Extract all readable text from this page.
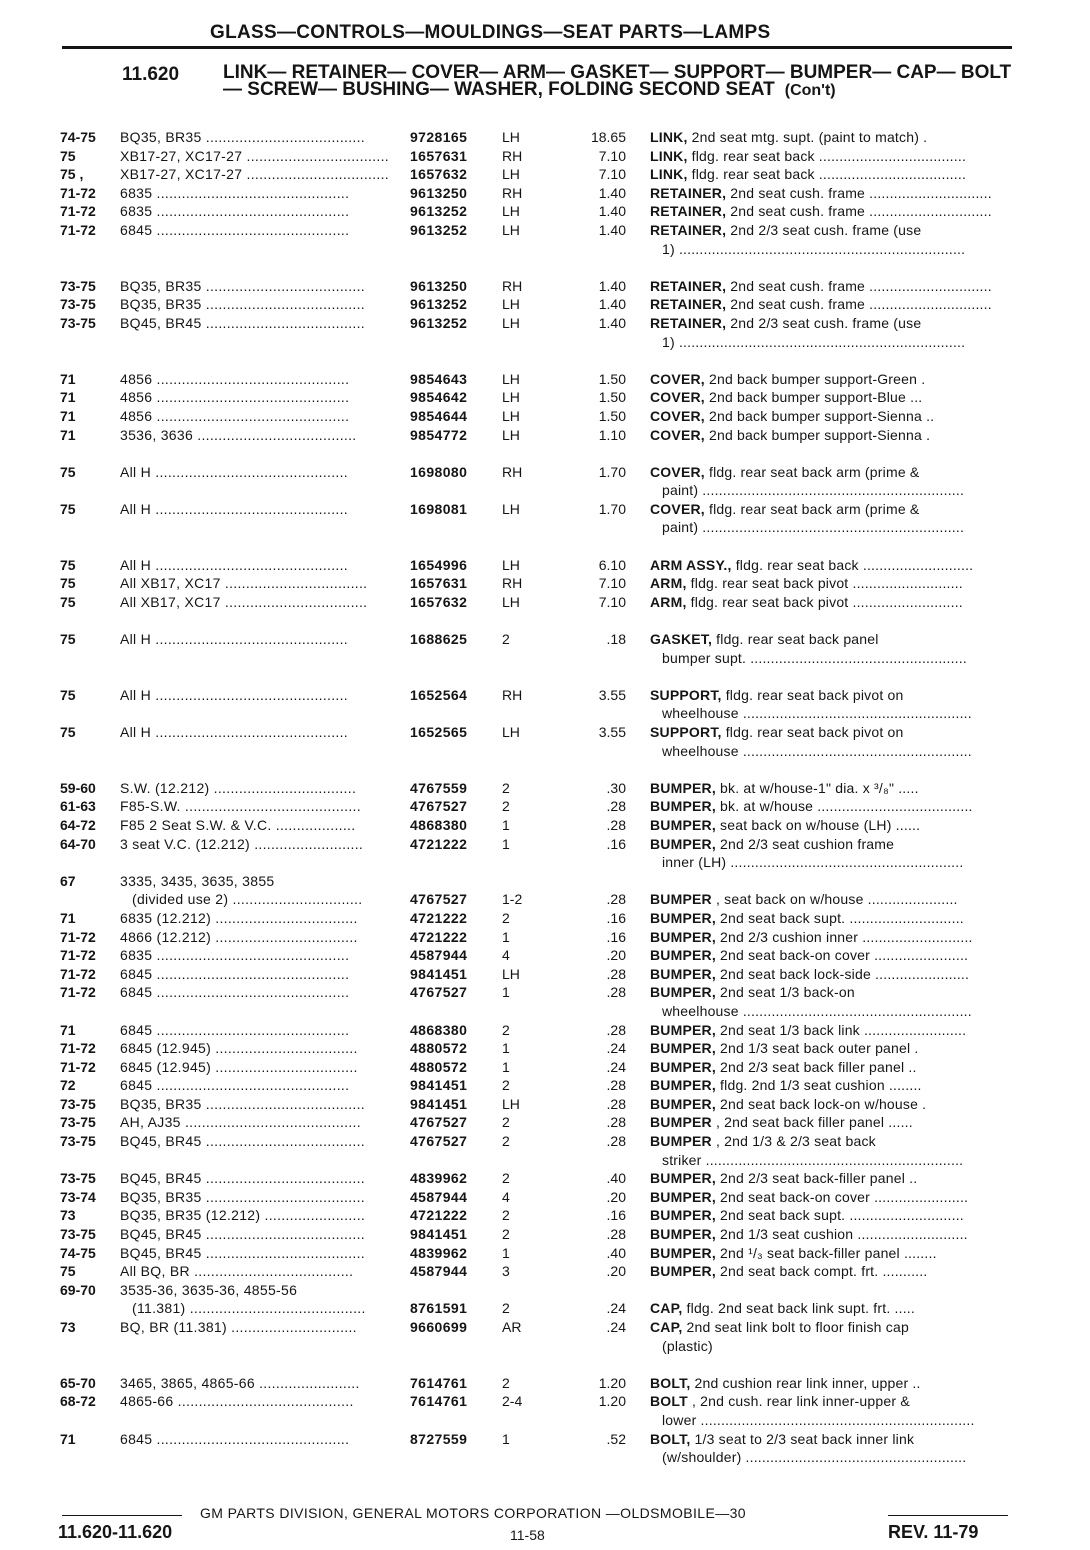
GLASS—CONTROLS—MOULDINGS—SEAT PARTS—LAMPS
11.620 LINK— RETAINER— COVER— ARM— GASKET— SUPPORT— BUMPER— CAP— BOLT— SCREW— BUSHING— WASHER, FOLDING SECOND SEAT (Con't)
74-75 BQ35, BR35 ......................................	9728165 LH	18.65 LINK, 2nd seat mtg. supt. (paint to match) .
75	XB17-27, XC17-27 .................................. 1657631 RH	7.10 LINK, fldg. rear seat back ....................................
75 ,	XB17-27, XC17-27 .................................. 1657632 LH	7.10 LINK, fldg. rear seat back ....................................
71-72 6835 ..............................................	9613250 RH	1.40 RETAINER, 2nd seat cush. frame ..............................
71-72 6835 ..............................................	9613252 LH	1.40 RETAINER, 2nd seat cush. frame ..............................
71-72 6845 ..............................................	9613252 LH	1.40 RETAINER, 2nd 2/3 seat cush. frame (use
1) ......................................................................
73-75 BQ35, BR35 ......................................	9613250 RH	1.40 RETAINER, 2nd seat cush. frame ..............................
73-75 BQ35, BR35 ......................................	9613252 LH	1.40 RETAINER, 2nd seat cush. frame ..............................
73-75 BQ45, BR45 ......................................	9613252 LH	1.40 RETAINER, 2nd 2/3 seat cush. frame (use
1) ......................................................................
71	4856 ..............................................	9854643 LH	1.50 COVER, 2nd back bumper support-Green .
71	4856 ..............................................	9854642 LH	1.50 COVER, 2nd back bumper support-Blue ...
71	4856 ..............................................	9854644 LH	1.50 COVER, 2nd back bumper support-Sienna ..
71	3536, 3636 ......................................	9854772 LH	1.10 COVER, 2nd back bumper support-Sienna .
75	All H ..............................................	1698080 RH	1.70 COVER, fldg. rear seat back arm (prime &
paint) ................................................................
75	All H ..............................................	1698081 LH	1.70 COVER, fldg. rear seat back arm (prime &
paint) ................................................................
75	All H ..............................................	1654996 LH	6.10 ARM ASSY., fldg. rear seat back ...........................
75	All XB17, XC17 ..................................	1657631 RH	7.10 ARM, fldg. rear seat back pivot ...........................
75	All XB17, XC17 ..................................	1657632 LH	7.10 ARM, fldg. rear seat back pivot ...........................
75	All H ..............................................	1688625 2	.18 GASKET, fldg. rear seat back panel
bumper supt. .....................................................
75	All H ..............................................	1652564 RH	3.55 SUPPORT, fldg. rear seat back pivot on
wheelhouse ........................................................
75	All H ..............................................	1652565 LH	3.55 SUPPORT, fldg. rear seat back pivot on
wheelhouse ........................................................
59-60 S.W. (12.212) ..................................	4767559 2	.30 BUMPER, bk. at w/house-1" dia. x ³/₈" .....
61-63 F85-S.W. ..........................................	4767527 2	.28 BUMPER, bk. at w/house ......................................
64-72 F85 2 Seat S.W. & V.C. ...................	4868380 1	.28 BUMPER, seat back on w/house (LH) ......
64-70 3 seat V.C. (12.212) ..........................	4721222 1	.16 BUMPER, 2nd 2/3 seat cushion frame
inner (LH) .........................................................
67	3335, 3435, 3635, 3855
(divided use 2) ...............................	4767527 1-2	.28 BUMPER , seat back on w/house ......................
71	6835 (12.212) ..................................	4721222 2	.16 BUMPER, 2nd seat back supt. ............................
71-72 4866 (12.212) ..................................	4721222 1	.16 BUMPER, 2nd 2/3 cushion inner ...........................
71-72 6835 ..............................................	4587944 4	.20 BUMPER, 2nd seat back-on cover .......................
71-72 6845 ..............................................	9841451 LH	.28 BUMPER, 2nd seat back lock-side .......................
71-72 6845 ..............................................	4767527 1	.28 BUMPER, 2nd seat 1/3 back-on
wheelhouse ........................................................
71	6845 ..............................................	4868380 2	.28 BUMPER, 2nd seat 1/3 back link .........................
71-72 6845 (12.945) ..................................	4880572 1	.24 BUMPER, 2nd 1/3 seat back outer panel .
71-72 6845 (12.945) ..................................	4880572 1	.24 BUMPER, 2nd 2/3 seat back filler panel ..
72	6845 ..............................................	9841451 2	.28 BUMPER, fldg. 2nd 1/3 seat cushion ........
73-75 BQ35, BR35 ......................................	9841451 LH	.28 BUMPER, 2nd seat back lock-on w/house .
73-75 AH, AJ35 ..........................................	4767527 2	.28 BUMPER , 2nd seat back filler panel ......
73-75 BQ45, BR45 ......................................	4767527 2	.28 BUMPER , 2nd 1/3 & 2/3 seat back
striker ...............................................................
73-75 BQ45, BR45 ......................................	4839962 2	.40 BUMPER, 2nd 2/3 seat back-filler panel ..
73-74 BQ35, BR35 ......................................	4587944 4	.20 BUMPER, 2nd seat back-on cover .......................
73	BQ35, BR35 (12.212) ........................	4721222 2	.16 BUMPER, 2nd seat back supt. ............................
73-75 BQ45, BR45 ......................................	9841451 2	.28 BUMPER, 2nd 1/3 seat cushion ...........................
74-75 BQ45, BR45 ......................................	4839962 1	.40 BUMPER, 2nd ¹/₃ seat back-filler panel ........
75	All BQ, BR ......................................	4587944 3	.20 BUMPER, 2nd seat back compt. frt. ...........
69-70 3535-36, 3635-36, 4855-56
(11.381) ..........................................	8761591 2	.24 CAP, fldg. 2nd seat back link supt. frt. .....
73	BQ, BR (11.381) ..............................	9660699 AR	.24 CAP, 2nd seat link bolt to floor finish cap
(plastic)
65-70 3465, 3865, 4865-66 ........................	7614761 2	1.20 BOLT, 2nd cushion rear link inner, upper ..
68-72 4865-66 ..........................................	7614761 2-4	1.20 BOLT , 2nd cush. rear link inner-upper &
lower ...................................................................
71	6845 ..............................................	8727559 1	.52 BOLT, 1/3 seat to 2/3 seat back inner link
(w/shoulder) ......................................................
GM PARTS DIVISION, GENERAL MOTORS CORPORATION —OLDSMOBILE—30
11.620-11.620	11-58	REV. 11-79
